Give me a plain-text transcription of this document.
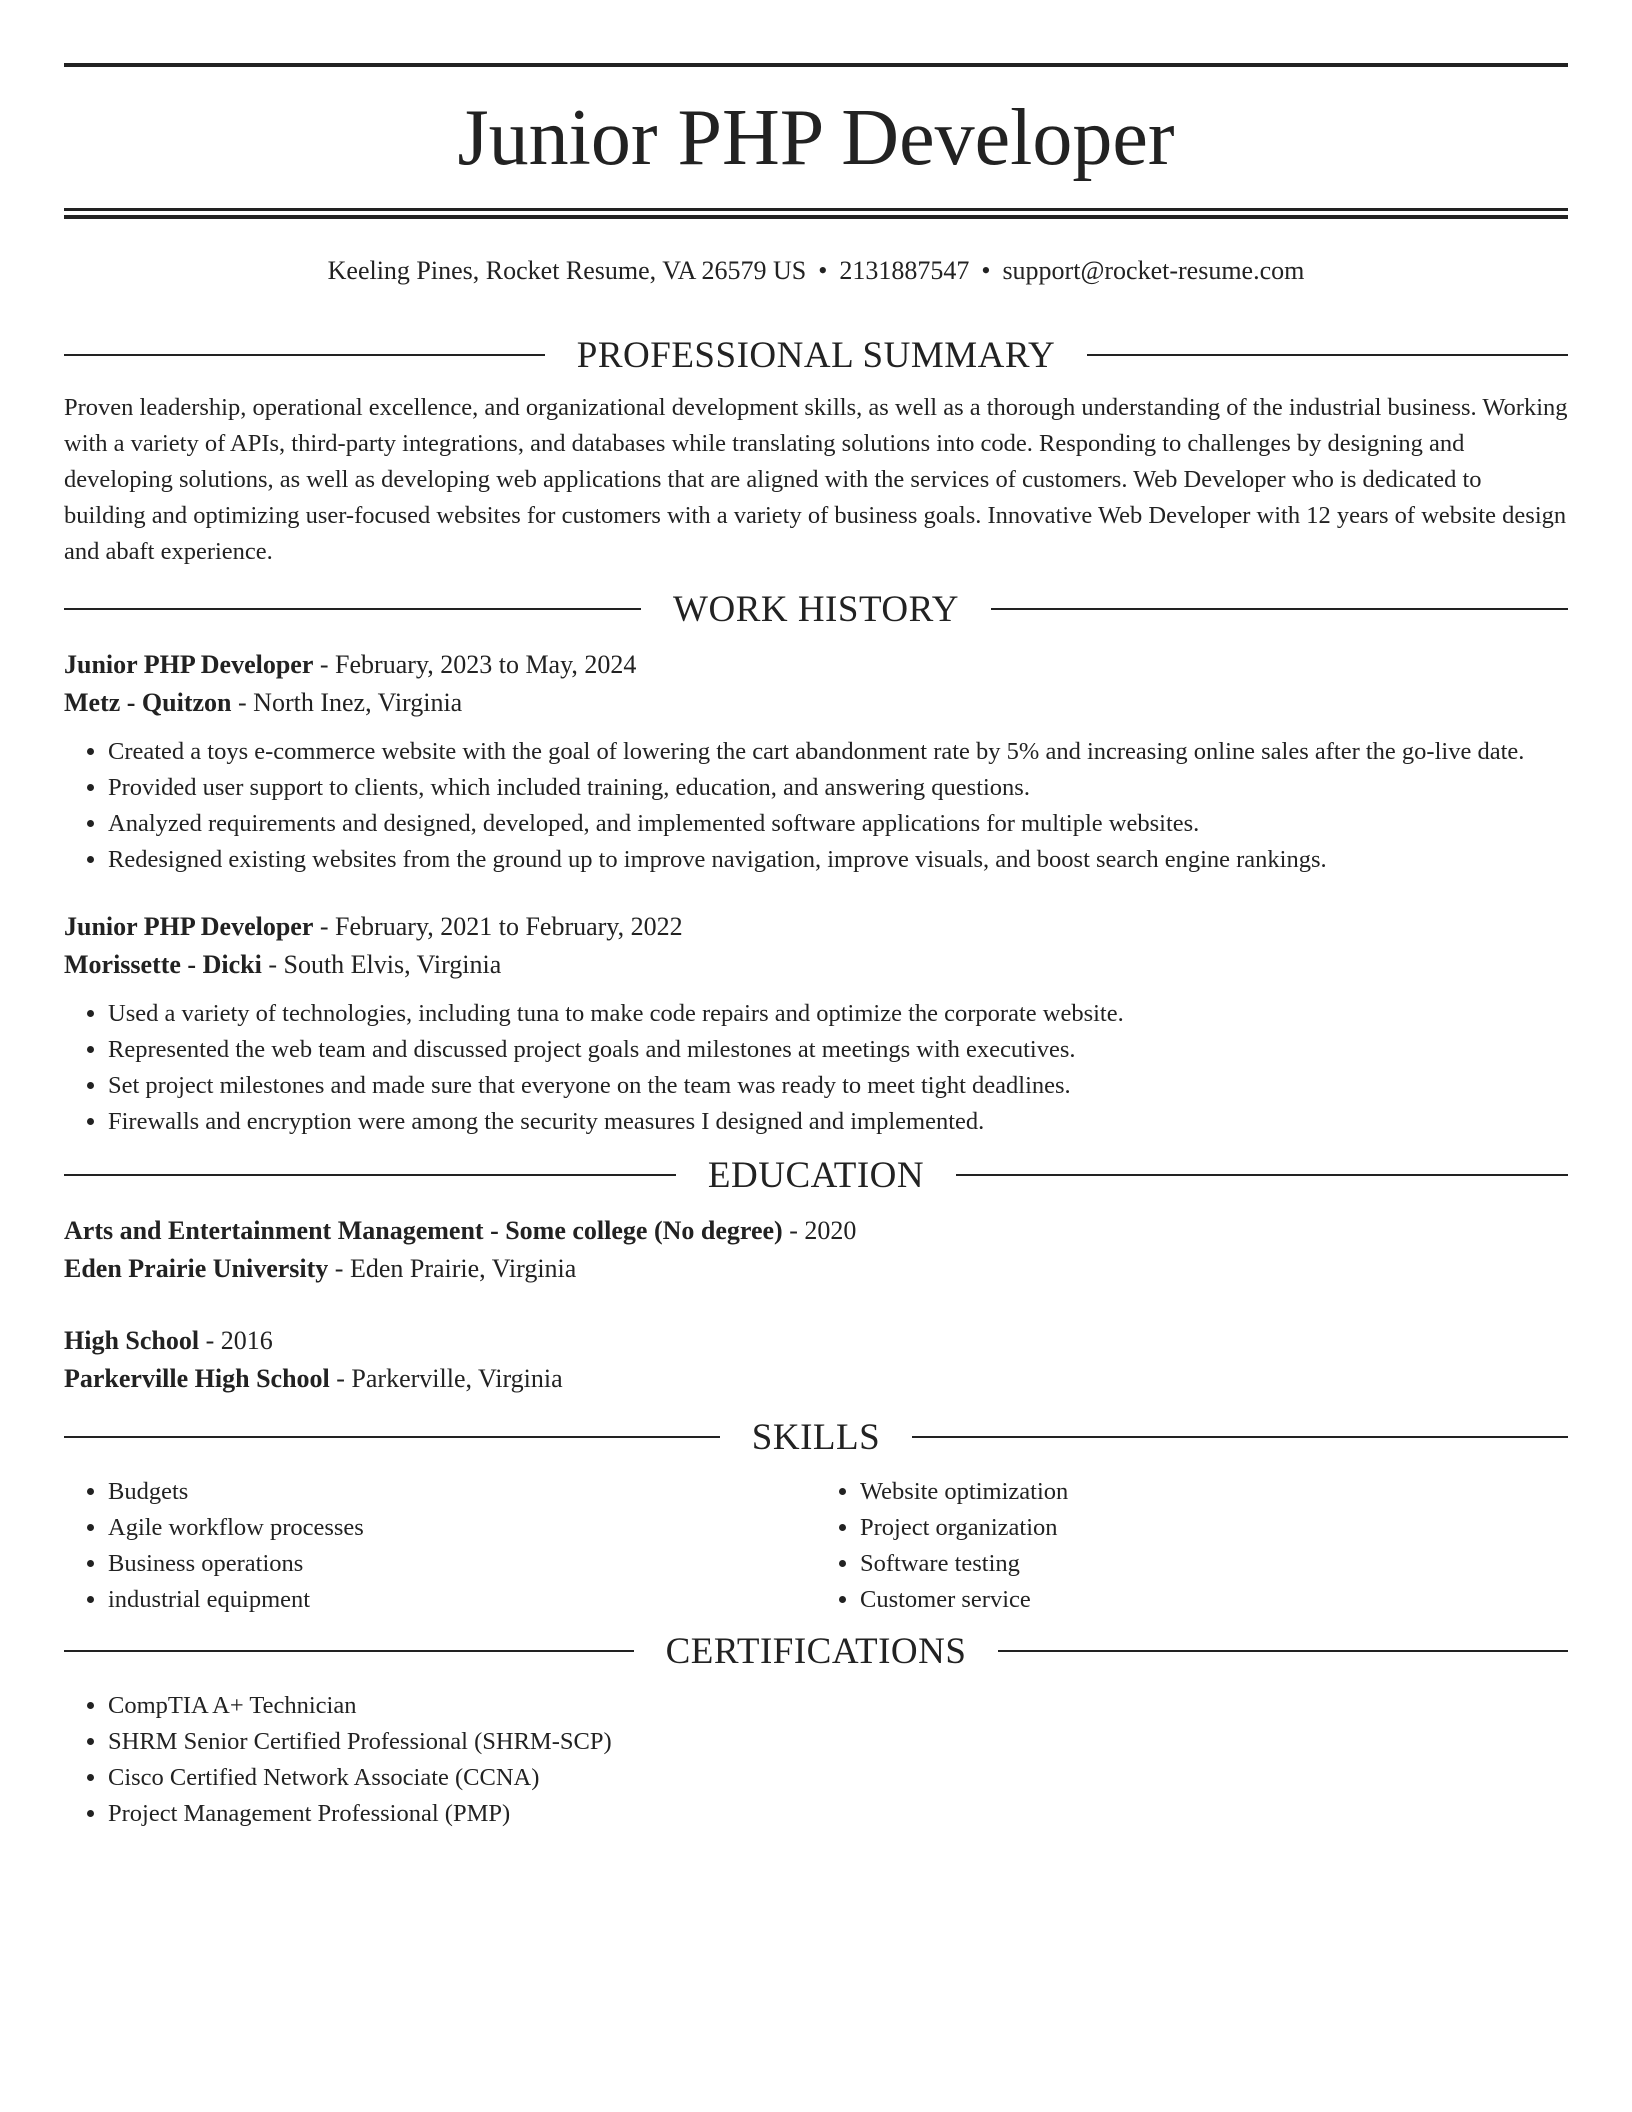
Junior PHP Developer
Keeling Pines, Rocket Resume, VA 26579 US • 2131887547 • support@rocket-resume.com
PROFESSIONAL SUMMARY

Proven leadership, operational excellence, and organizational development skills, as well as a thorough understanding of the industrial business. Working with a variety of APIs, third-party integrations, and databases while translating solutions into code. Responding to challenges by designing and developing solutions, as well as developing web applications that are aligned with the services of customers. Web Developer who is dedicated to building and optimizing user-focused websites for customers with a variety of business goals. Innovative Web Developer with 12 years of website design and abaft experience.

WORK HISTORY
Junior PHP Developer - February, 2023 to May, 2024
Metz - Quitzon - North Inez, Virginia
• Created a toys e-commerce website with the goal of lowering the cart abandonment rate by 5% and increasing online sales after the go-live date.
• Provided user support to clients, which included training, education, and answering questions.
• Analyzed requirements and designed, developed, and implemented software applications for multiple websites.
• Redesigned existing websites from the ground up to improve navigation, improve visuals, and boost search engine rankings.
Junior PHP Developer - February, 2021 to February, 2022
Morissette - Dicki - South Elvis, Virginia
• Used a variety of technologies, including tuna to make code repairs and optimize the corporate website.
• Represented the web team and discussed project goals and milestones at meetings with executives.
• Set project milestones and made sure that everyone on the team was ready to meet tight deadlines.
• Firewalls and encryption were among the security measures I designed and implemented.
EDUCATION
Arts and Entertainment Management - Some college (No degree) - 2020
Eden Prairie University - Eden Prairie, Virginia
High School - 2016
Parkerville High School - Parkerville, Virginia
SKILLS
• Budgets
• Agile workflow processes
• Business operations
• industrial equipment
• Website optimization
• Project organization
• Software testing
• Customer service
CERTIFICATIONS
• CompTIA A+ Technician
• SHRM Senior Certified Professional (SHRM-SCP)
• Cisco Certified Network Associate (CCNA)
• Project Management Professional (PMP)
